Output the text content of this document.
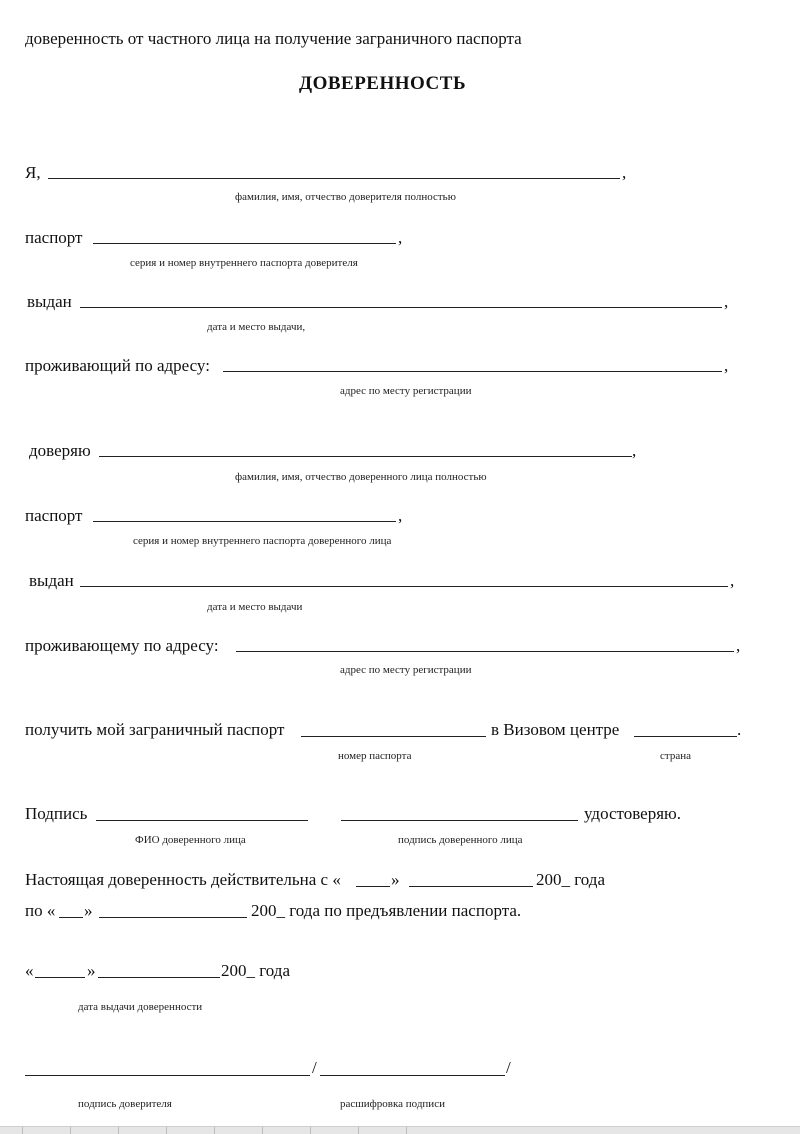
доверенность от частного лица на получение заграничного паспорта
ДОВЕРЕННОСТЬ
Я,	,
фамилия, имя, отчество доверителя полностью
паспорт	,
серия и номер внутреннего паспорта доверителя
выдан	,
дата и место выдачи,
проживающий по адресу:	,
адрес по месту регистрации
доверяю	,
фамилия, имя, отчество доверенного лица полностью
паспорт	,
серия и номер внутреннего паспорта доверенного лица
выдан	,
дата и место выдачи
проживающему по адресу:	,
адрес по месту регистрации
получить мой заграничный паспорт	в Визовом центре	.
номер паспорта	страна
Подпись	удостоверяю.
ФИО доверенного лица	подпись доверенного лица
Настоящая доверенность действительна с «	»	200_ года
по « »	200_ года по предъявлении паспорта.
«	»	200_ года
дата выдачи доверенности
/	/
подпись доверителя	расшифровка подписи
